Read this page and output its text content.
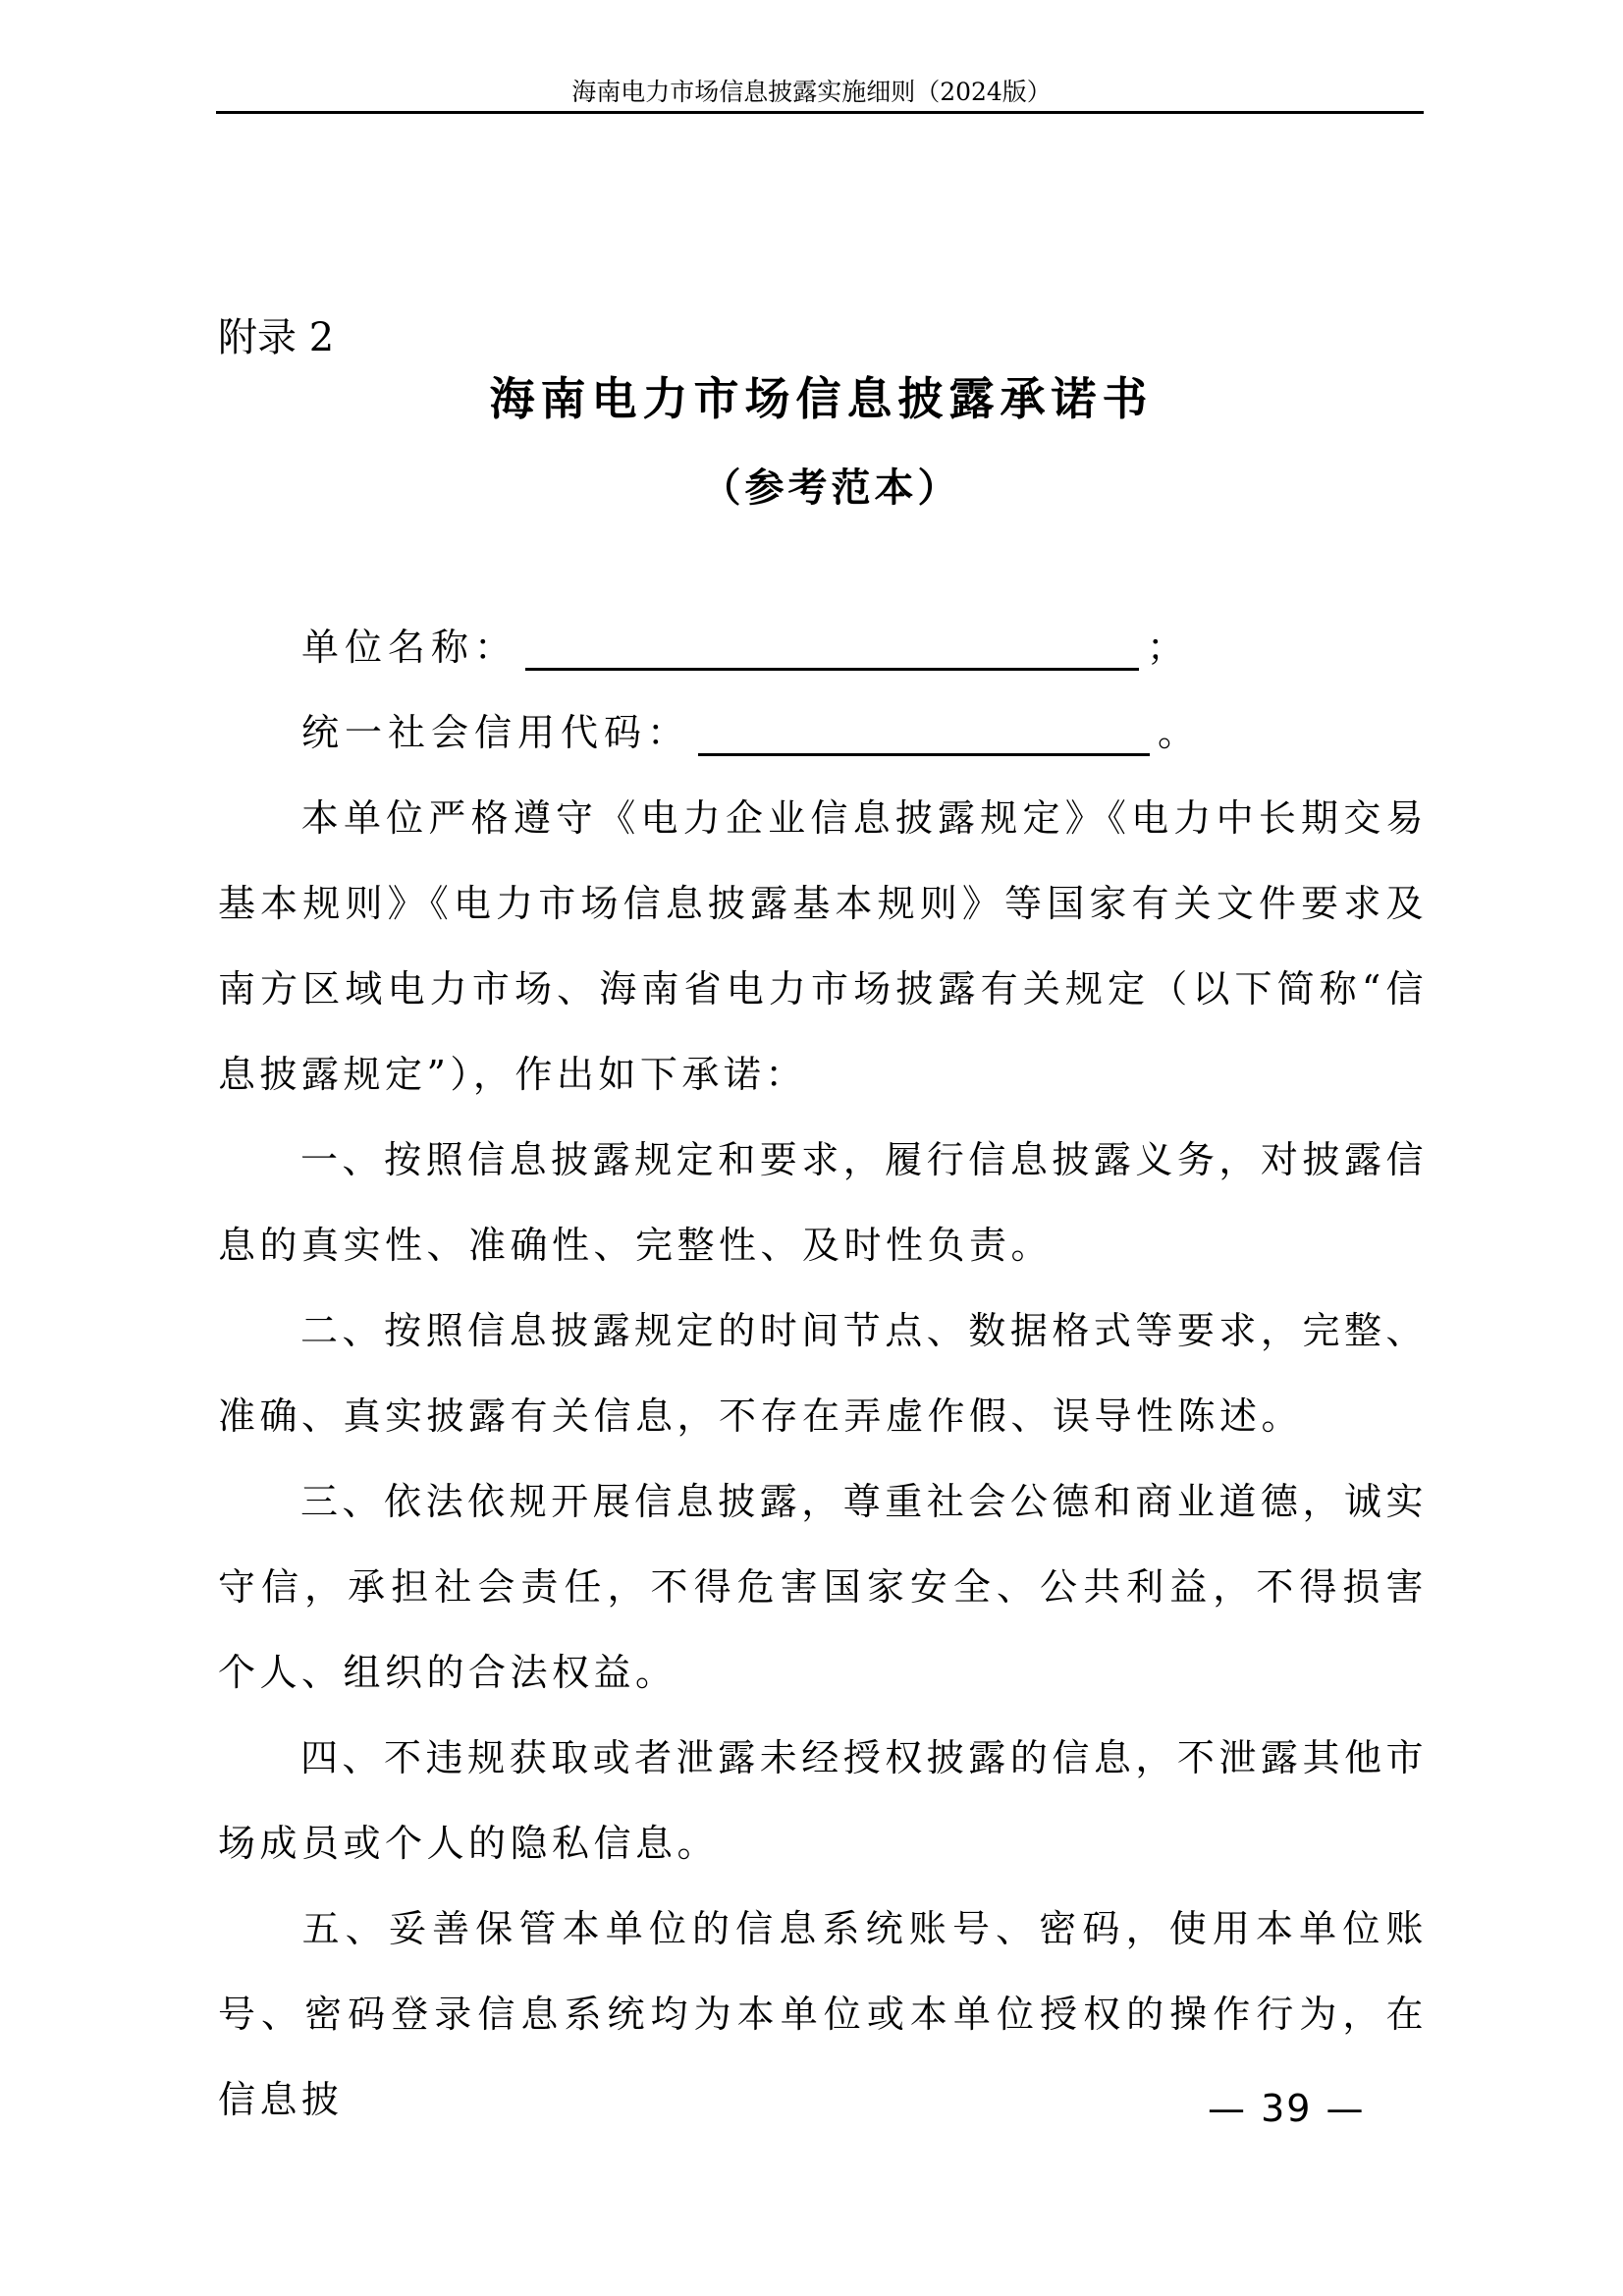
海南电力市场信息披露实施细则（2024版）
附录 2
海南电力市场信息披露承诺书
（参考范本）
单位名称：	；
统一社会信用代码：	。
本单位严格遵守《电力企业信息披露规定》《电力中长期交易基本规则》《电力市场信息披露基本规则》等国家有关文件要求及南方区域电力市场、海南省电力市场披露有关规定（以下简称“信息披露规定”），作出如下承诺：
一、按照信息披露规定和要求，履行信息披露义务，对披露信息的真实性、准确性、完整性、及时性负责。
二、按照信息披露规定的时间节点、数据格式等要求，完整、准确、真实披露有关信息，不存在弄虚作假、误导性陈述。
三、依法依规开展信息披露，尊重社会公德和商业道德，诚实守信，承担社会责任，不得危害国家安全、公共利益，不得损害个人、组织的合法权益。
四、不违规获取或者泄露未经授权披露的信息，不泄露其他市场成员或个人的隐私信息。
五、妥善保管本单位的信息系统账号、密码，使用本单位账号、密码登录信息系统均为本单位或本单位授权的操作行为，在信息披	— 39 —
